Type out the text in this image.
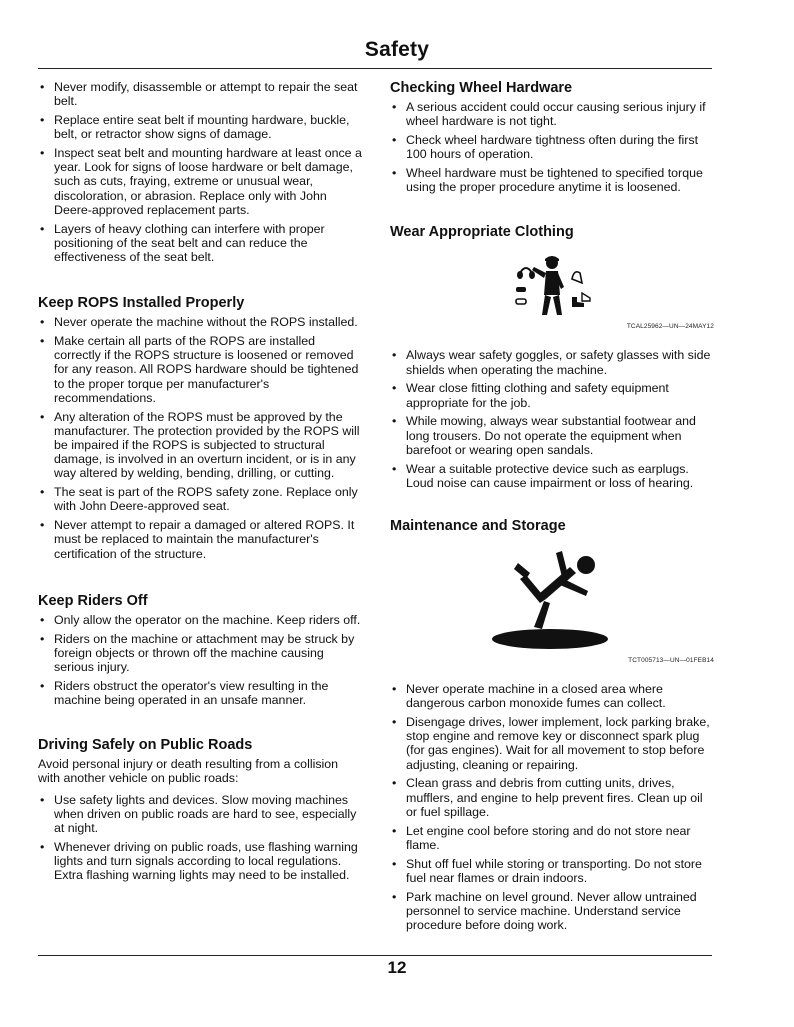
Safety
• Never modify, disassemble or attempt to repair the seat belt.
• Replace entire seat belt if mounting hardware, buckle, belt, or retractor show signs of damage.
• Inspect seat belt and mounting hardware at least once a year. Look for signs of loose hardware or belt damage, such as cuts, fraying, extreme or unusual wear, discoloration, or abrasion. Replace only with John Deere-approved replacement parts.
• Layers of heavy clothing can interfere with proper positioning of the seat belt and can reduce the effectiveness of the seat belt.
Keep ROPS Installed Properly
• Never operate the machine without the ROPS installed.
• Make certain all parts of the ROPS are installed correctly if the ROPS structure is loosened or removed for any reason. All ROPS hardware should be tightened to the proper torque per manufacturer's recommendations.
• Any alteration of the ROPS must be approved by the manufacturer. The protection provided by the ROPS will be impaired if the ROPS is subjected to structural damage, is involved in an overturn incident, or is in any way altered by welding, bending, drilling, or cutting.
• The seat is part of the ROPS safety zone. Replace only with John Deere-approved seat.
• Never attempt to repair a damaged or altered ROPS. It must be replaced to maintain the manufacturer's certification of the structure.
Keep Riders Off
• Only allow the operator on the machine. Keep riders off.
• Riders on the machine or attachment may be struck by foreign objects or thrown off the machine causing serious injury.
• Riders obstruct the operator's view resulting in the machine being operated in an unsafe manner.
Driving Safely on Public Roads

Avoid personal injury or death resulting from a collision with another vehicle on public roads:

• Use safety lights and devices. Slow moving machines when driven on public roads are hard to see, especially at night.
• Whenever driving on public roads, use flashing warning lights and turn signals according to local regulations. Extra flashing warning lights may need to be installed.
Checking Wheel Hardware
• A serious accident could occur causing serious injury if wheel hardware is not tight.
• Check wheel hardware tightness often during the first 100 hours of operation.
• Wheel hardware must be tightened to specified torque using the proper procedure anytime it is loosened.
Wear Appropriate Clothing
TCAL25962—UN—24MAY12
• Always wear safety goggles, or safety glasses with side shields when operating the machine.
• Wear close fitting clothing and safety equipment appropriate for the job.
• While mowing, always wear substantial footwear and long trousers. Do not operate the equipment when barefoot or wearing open sandals.
• Wear a suitable protective device such as earplugs. Loud noise can cause impairment or loss of hearing.
Maintenance and Storage
TCT005713—UN—01FEB14
• Never operate machine in a closed area where dangerous carbon monoxide fumes can collect.
• Disengage drives, lower implement, lock parking brake, stop engine and remove key or disconnect spark plug (for gas engines). Wait for all movement to stop before adjusting, cleaning or repairing.
• Clean grass and debris from cutting units, drives, mufflers, and engine to help prevent fires. Clean up oil or fuel spillage.
• Let engine cool before storing and do not store near flame.
• Shut off fuel while storing or transporting. Do not store fuel near flames or drain indoors.
• Park machine on level ground. Never allow untrained personnel to service machine. Understand service procedure before doing work.
12
